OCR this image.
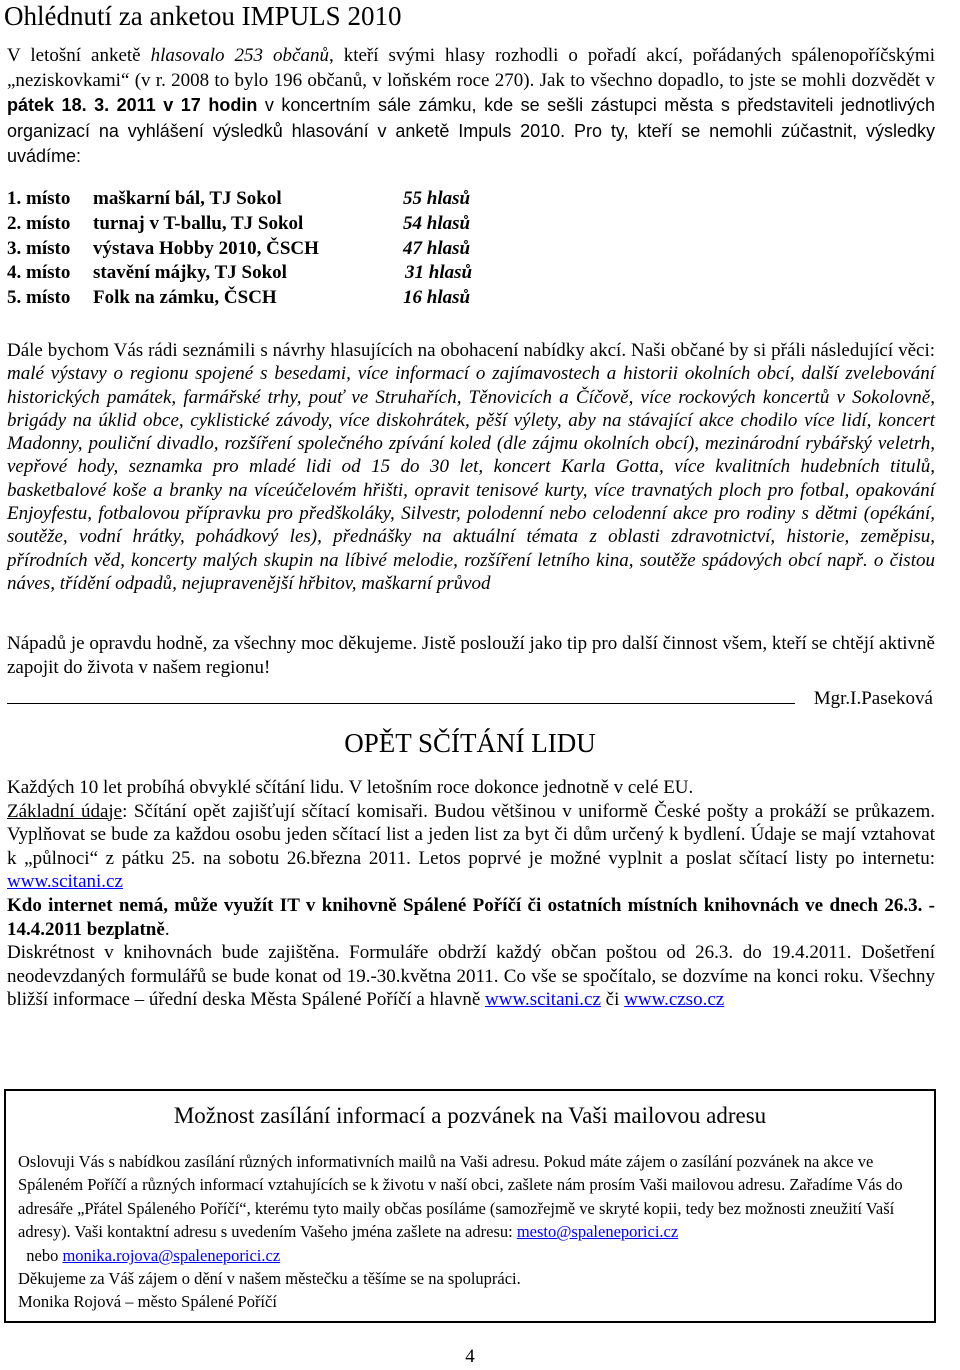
Ohlédnutí za anketou IMPULS 2010
V letošní anketě hlasovalo 253 občanů, kteří svými hlasy rozhodli o pořadí akcí, pořádaných spálenopoříčskými „neziskovkami“ (v r. 2008 to bylo 196 občanů, v loňském roce 270). Jak to všechno dopadlo, to jste se mohli dozvědět v pátek 18. 3. 2011 v 17 hodin v koncertním sále zámku, kde se sešli zástupci města s představiteli jednotlivých organizací na vyhlášení výsledků hlasování v anketě Impuls 2010. Pro ty, kteří se nemohli zúčastnit, výsledky uvádíme:
1. místo maškarní bál, TJ Sokol	55 hlasů
2. místo turnaj v T-ballu, TJ Sokol	54 hlasů
3. místo výstava Hobby 2010, ČSCH	47 hlasů
4. místo stavění májky, TJ Sokol	31 hlasů
5. místo Folk na zámku, ČSCH	16 hlasů
Dále bychom Vás rádi seznámili s návrhy hlasujících na obohacení nabídky akcí. Naši občané by si přáli následující věci: malé výstavy o regionu spojené s besedami, více informací o zajímavostech a historii okolních obcí, další zvelebování historických památek, farmářské trhy, pouť ve Struhařích, Těnovicích a Číčově, více rockových koncertů v Sokolovně, brigády na úklid obce, cyklistické závody, více diskohrátek, pěší výlety, aby na stávající akce chodilo více lidí, koncert Madonny, pouliční divadlo, rozšíření společného zpívání koled (dle zájmu okolních obcí), mezinárodní rybářský veletrh, vepřové hody, seznamka pro mladé lidi od 15 do 30 let, koncert Karla Gotta, více kvalitních hudebních titulů, basketbalové koše a branky na víceúčelovém hřišti, opravit tenisové kurty, více travnatých ploch pro fotbal, opakování Enjoyfestu, fotbalovou přípravku pro předškoláky, Silvestr, polodenní nebo celodenní akce pro rodiny s dětmi (opékání, soutěže, vodní hrátky, pohádkový les), přednášky na aktuální témata z oblasti zdravotnictví, historie, zeměpisu, přírodních věd, koncerty malých skupin na líbivé melodie, rozšíření letního kina, soutěže spádových obcí např. o čistou náves, třídění odpadů, nejupravenější hřbitov, maškarní průvod
Nápadů je opravdu hodně, za všechny moc děkujeme. Jistě poslouží jako tip pro další činnost všem, kteří se chtějí aktivně zapojit do života v našem regionu!
Mgr.I.Paseková
OPĚT SČÍTÁNÍ LIDU
Každých 10 let probíhá obvyklé sčítání lidu. V letošním roce dokonce jednotně v celé EU.
Základní údaje: Sčítání opět zajišťují sčítací komisaři. Budou většinou v uniformě České pošty a prokáží se průkazem. Vyplňovat se bude za každou osobu jeden sčítací list a jeden list za byt či dům určený k bydlení. Údaje se mají vztahovat k „půlnoci“ z pátku 25. na sobotu 26.března 2011. Letos poprvé je možné vyplnit a poslat sčítací listy po internetu: www.scitani.cz
Kdo internet nemá, může využít IT v knihovně Spálené Poříčí či ostatních místních knihovnách ve dnech 26.3. - 14.4.2011 bezplatně.
Diskrétnost v knihovnách bude zajištěna. Formuláře obdrží každý občan poštou od 26.3. do 19.4.2011. Došetření neodevzdaných formulářů se bude konat od 19.-30.května 2011. Co vše se spočítalo, se dozvíme na konci roku. Všechny bližší informace – úřední deska Města Spálené Poříčí a hlavně www.scitani.cz či www.czso.cz
Možnost zasílání informací a pozvánek na Vaši mailovou adresu
Oslovuji Vás s nabídkou zasílání různých informativních mailů na Vaši adresu. Pokud máte zájem o zasílání pozvánek na akce ve Spáleném Poříčí a různých informací vztahujících se k životu v naší obci, zašlete nám prosím Vaši mailovou adresu. Zařadíme Vás do adresáře „Přátel Spáleného Poříčí“, kterému tyto maily občas posíláme (samozřejmě ve skryté kopii, tedy bez možnosti zneužití Vaší adresy). Vaši kontaktní adresu s uvedením Vašeho jména zašlete na adresu: mesto@spaleneporici.cz  nebo monika.rojova@spaleneporici.cz
Děkujeme za Váš zájem o dění v našem městečku a těšíme se na spolupráci.
Monika Rojová – město Spálené Poříčí
4
